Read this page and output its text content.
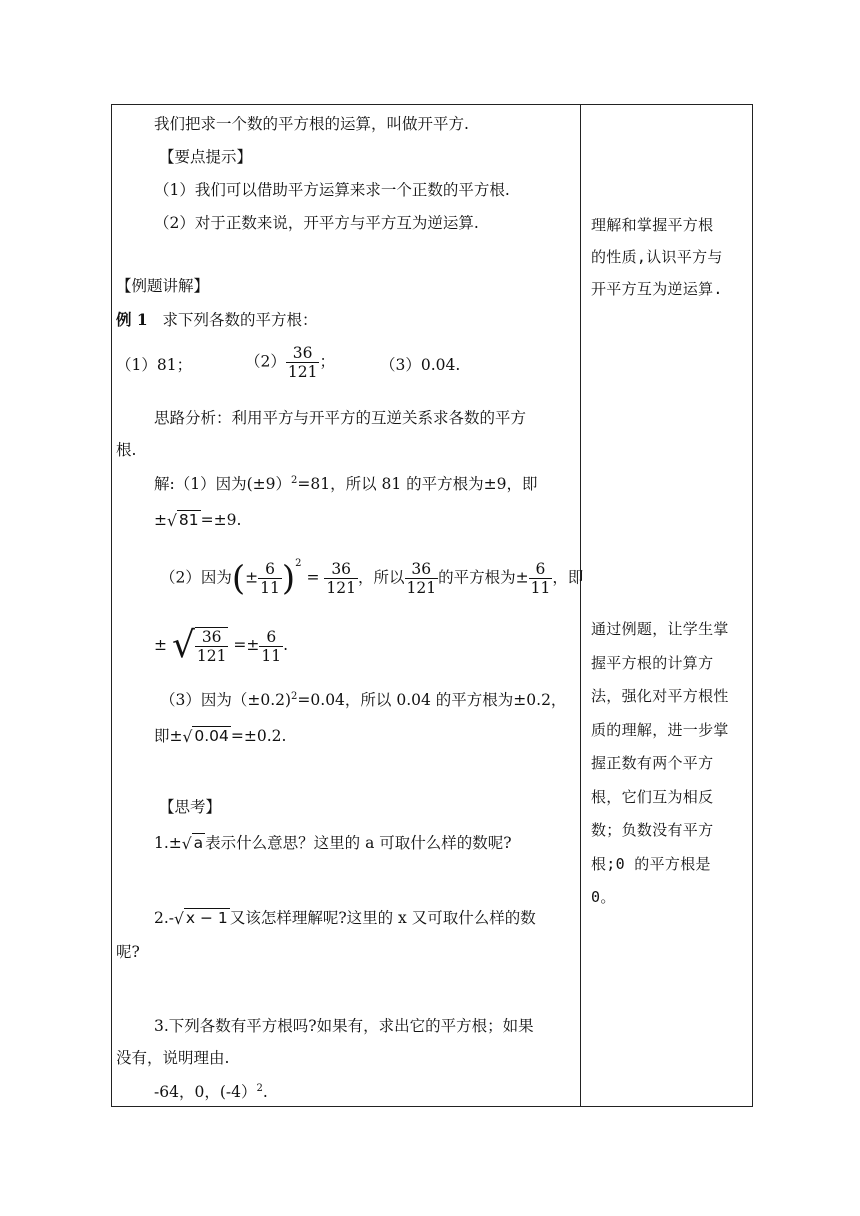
我们把求一个数的平方根的运算，叫做开平方.
【要点提示】
（1）我们可以借助平方运算来求一个正数的平方根.
（2）对于正数来说，开平方与平方互为逆运算.
【例题讲解】
例 1 求下列各数的平方根：
（1）81；	$(2) \frac{36}{121}$ ；	（3）0.04.
思路分析：利用平方与开平方的互逆关系求各数的平方
根.
解:（1）因为(±9）$^2$=81，所以 81 的平方根为±9，即
±√ 81 =±9.
（2）因为(± $\frac{6}{11} )^2 = \frac{36}{121}$ ，所以 $\frac{36}{121}$ 的平方根为± $\frac{6}{11}$ ，即
± √ $\frac{36}{121} =\pm \frac{6}{11}$ .
（3）因为（±0.2)$^2$=0.04，所以 0.04 的平方根为±0.2，
即±√ 0.04 =±0.2.
【思考】
1.±√ a 表示什么意思？这里的 a 可取什么样的数呢?
2.-√ x − 1 又该怎样理解呢?这里的 x 又可取什么样的数
呢?
3.下列各数有平方根吗?如果有，求出它的平方根；如果
没有，说明理由.
-64，0，(-4）$^2$.
理解和掌握平方根
的性质,认识平方与
开平方互为逆运算.
通过例题，让学生掌
握平方根的计算方
法，强化对平方根性
质的理解，进一步掌
握正数有两个平方
根，它们互为相反
数；负数没有平方
根;0 的平方根是 0。
